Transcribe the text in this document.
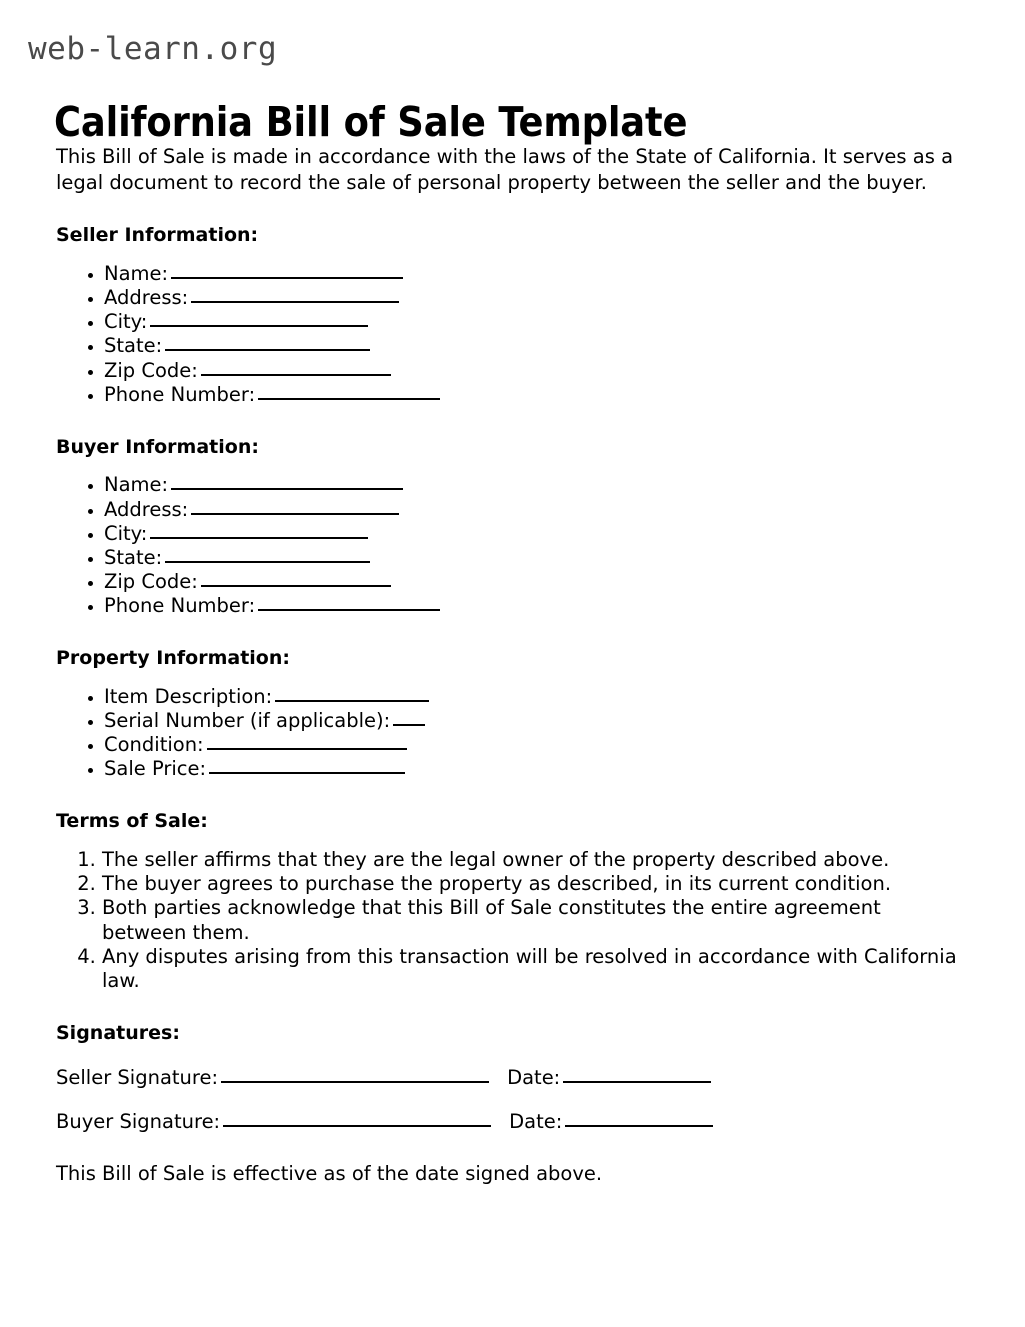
web-learn.org
California Bill of Sale Template

This Bill of Sale is made in accordance with the laws of the State of California. It serves as a legal document to record the sale of personal property between the seller and the buyer.

Seller Information:
• Name:
• Address:
• City:
• State:
• Zip Code:
• Phone Number:
Buyer Information:
• Name:
• Address:
• City:
• State:
• Zip Code:
• Phone Number:
Property Information:
• Item Description:
• Serial Number (if applicable):
• Condition:
• Sale Price:
Terms of Sale:
1. The seller affirms that they are the legal owner of the property described above.
2. The buyer agrees to purchase the property as described, in its current condition.
3. Both parties acknowledge that this Bill of Sale constitutes the entire agreement between them.
4. Any disputes arising from this transaction will be resolved in accordance with California law.
Signatures:
Seller Signature:	Date:
Buyer Signature:	Date:

This Bill of Sale is effective as of the date signed above.
